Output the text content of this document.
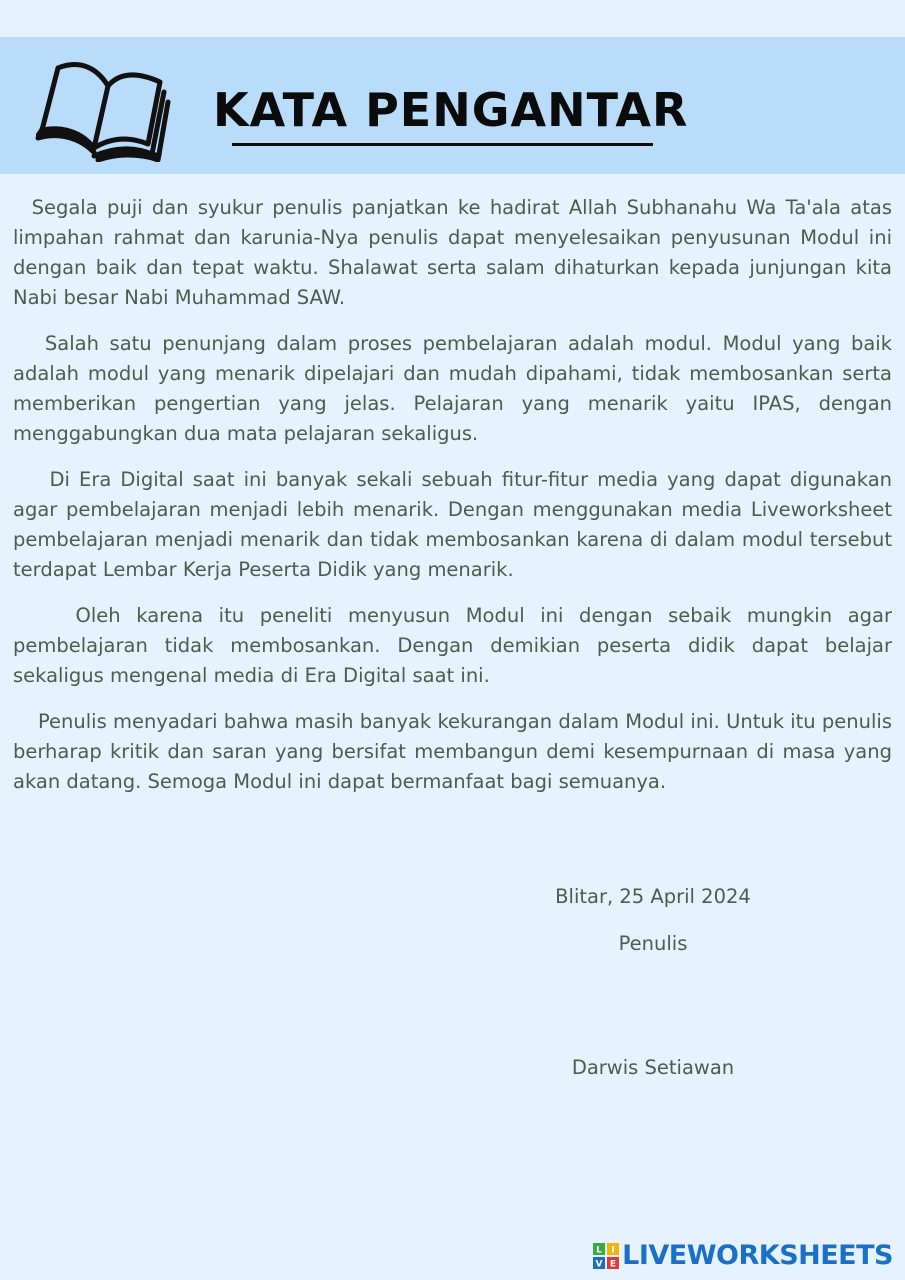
KATA PENGANTAR

Segala puji dan syukur penulis panjatkan ke hadirat Allah Subhanahu Wa Ta'ala atas limpahan rahmat dan karunia-Nya penulis dapat menyelesaikan penyusunan Modul ini dengan baik dan tepat waktu. Shalawat serta salam dihaturkan kepada junjungan kita Nabi besar Nabi Muhammad SAW.

Salah satu penunjang dalam proses pembelajaran adalah modul. Modul yang baik adalah modul yang menarik dipelajari dan mudah dipahami, tidak membosankan serta memberikan pengertian yang jelas. Pelajaran yang menarik yaitu IPAS, dengan menggabungkan dua mata pelajaran sekaligus.

Di Era Digital saat ini banyak sekali sebuah fitur-fitur media yang dapat digunakan agar pembelajaran menjadi lebih menarik. Dengan menggunakan media Liveworksheet pembelajaran menjadi menarik dan tidak membosankan karena di dalam modul tersebut terdapat Lembar Kerja Peserta Didik yang menarik.

Oleh karena itu peneliti menyusun Modul ini dengan sebaik mungkin agar pembelajaran tidak membosankan. Dengan demikian peserta didik dapat belajar sekaligus mengenal media di Era Digital saat ini.

Penulis menyadari bahwa masih banyak kekurangan dalam Modul ini. Untuk itu penulis berharap kritik dan saran yang bersifat membangun demi kesempurnaan di masa yang akan datang. Semoga Modul ini dapat bermanfaat bagi semuanya.

Blitar, 25 April 2024
Penulis
Darwis Setiawan
L I
V E LIVEWORKSHEETS
